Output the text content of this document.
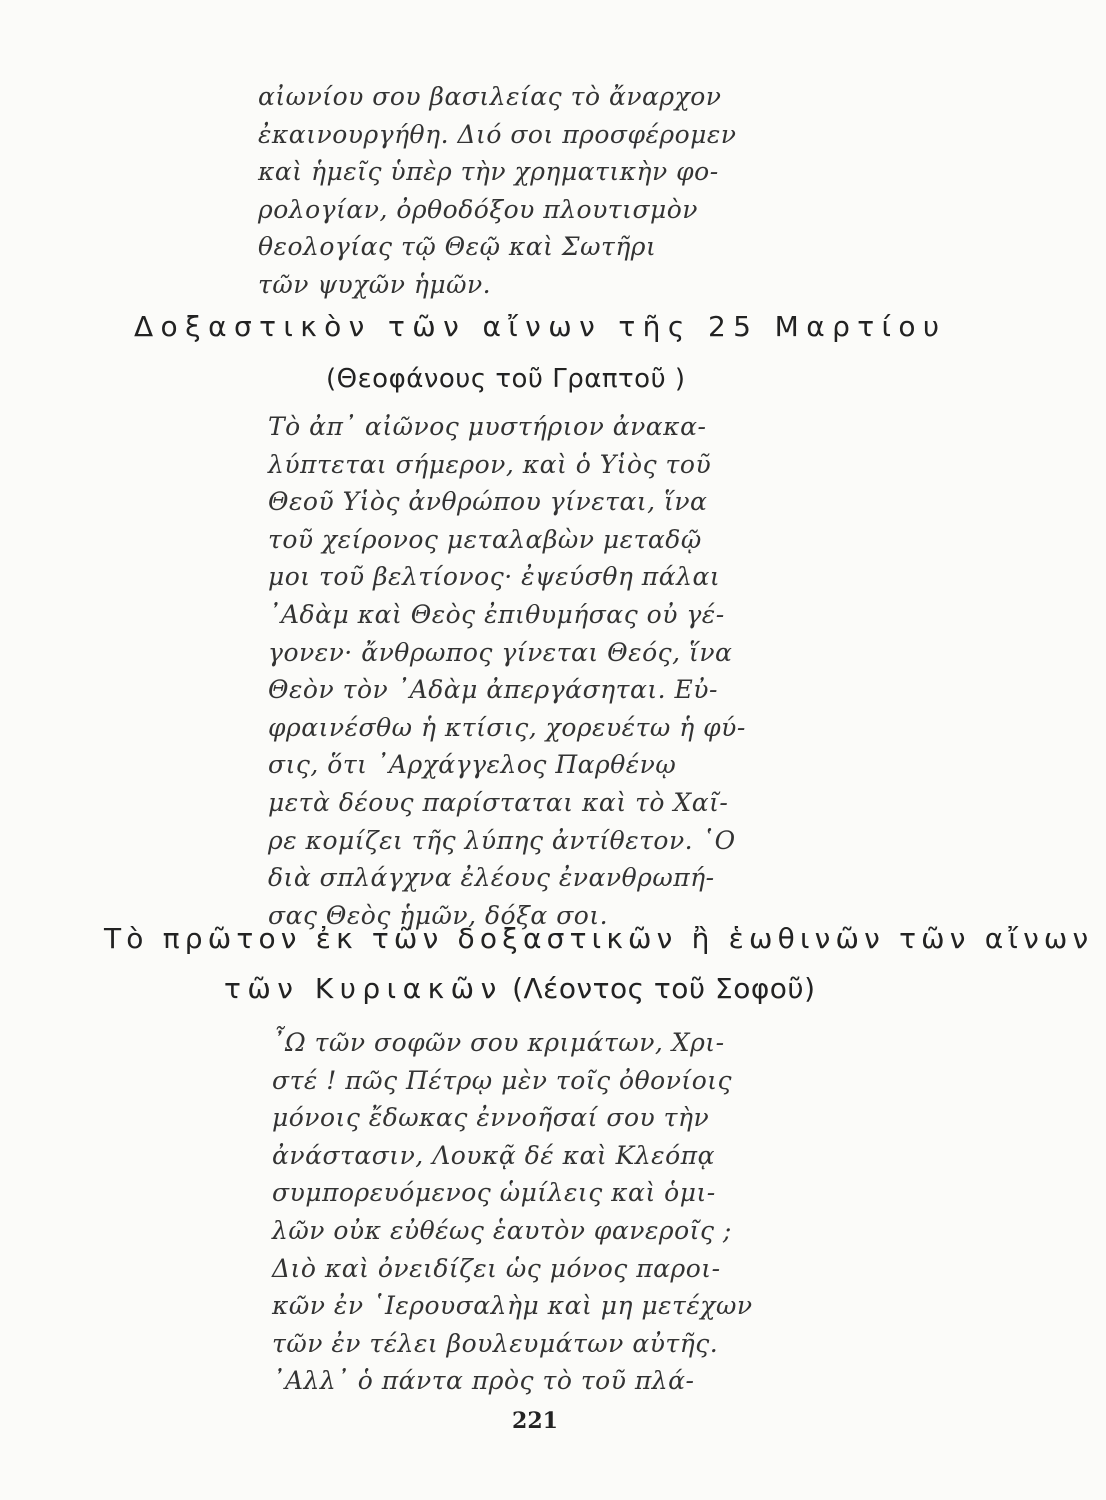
αἰωνίου σου βασιλείας τὸ ἄναρχον
ἐκαινουργήθη. Διό σοι προσφέρομεν
καὶ ἡμεῖς ὑπὲρ τὴν χρηματικὴν φο-
ρολογίαν, ὀρθοδόξου πλουτισμὸν
θεολογίας τῷ Θεῷ καὶ Σωτῆρι
τῶν ψυχῶν ἡμῶν.
Δοξαστικὸν τῶν αἴνων τῆς 25 Μαρτίου
(Θεοφάνους τοῦ Γραπτοῦ )
Τὸ ἀπ᾽ αἰῶνος μυστήριον ἀνακα-
λύπτεται σήμερον, καὶ ὁ Υἱὸς τοῦ
Θεοῦ Υἱὸς ἀνθρώπου γίνεται, ἵνα
τοῦ χείρονος μεταλαβὼν μεταδῷ
μοι τοῦ βελτίονος· ἐψεύσθη πάλαι
᾽Αδὰμ καὶ Θεὸς ἐπιθυμήσας οὐ γέ-
γονεν· ἄνθρωπος γίνεται Θεός, ἵνα
Θεὸν τὸν ᾽Αδὰμ ἀπεργάσηται. Εὐ-
φραινέσθω ἡ κτίσις, χορευέτω ἡ φύ-
σις, ὅτι ᾽Αρχάγγελος Παρθένῳ
μετὰ δέους παρίσταται καὶ τὸ Χαῖ-
ρε κομίζει τῆς λύπης ἀντίθετον. ῾Ο
διὰ σπλάγχνα ἐλέους ἐνανθρωπή-
σας Θεὸς ἡμῶν, δόξα σοι.
Τὸ πρῶτον ἐκ τῶν δοξαστικῶν ἢ ἑωθινῶν τῶν αἴνων
τῶν Κυριακῶν (Λέοντος τοῦ Σοφοῦ)
῏Ω τῶν σοφῶν σου κριμάτων, Χρι-
στέ ! πῶς Πέτρῳ μὲν τοῖς ὀθονίοις
μόνοις ἔδωκας ἐννοῆσαί σου τὴν
ἀνάστασιν, Λουκᾷ δέ καὶ Κλεόπᾳ
συμπορευόμενος ὡμίλεις καὶ ὁμι-
λῶν οὐκ εὐθέως ἑαυτὸν φανεροῖς ;
Διὸ καὶ ὀνειδίζει ὡς μόνος παροι-
κῶν ἐν ῾Ιερουσαλὴμ καὶ μη μετέχων
τῶν ἐν τέλει βουλευμάτων αὐτῆς.
᾽Αλλ᾽ ὁ πάντα πρὸς τὸ τοῦ πλά-
221
